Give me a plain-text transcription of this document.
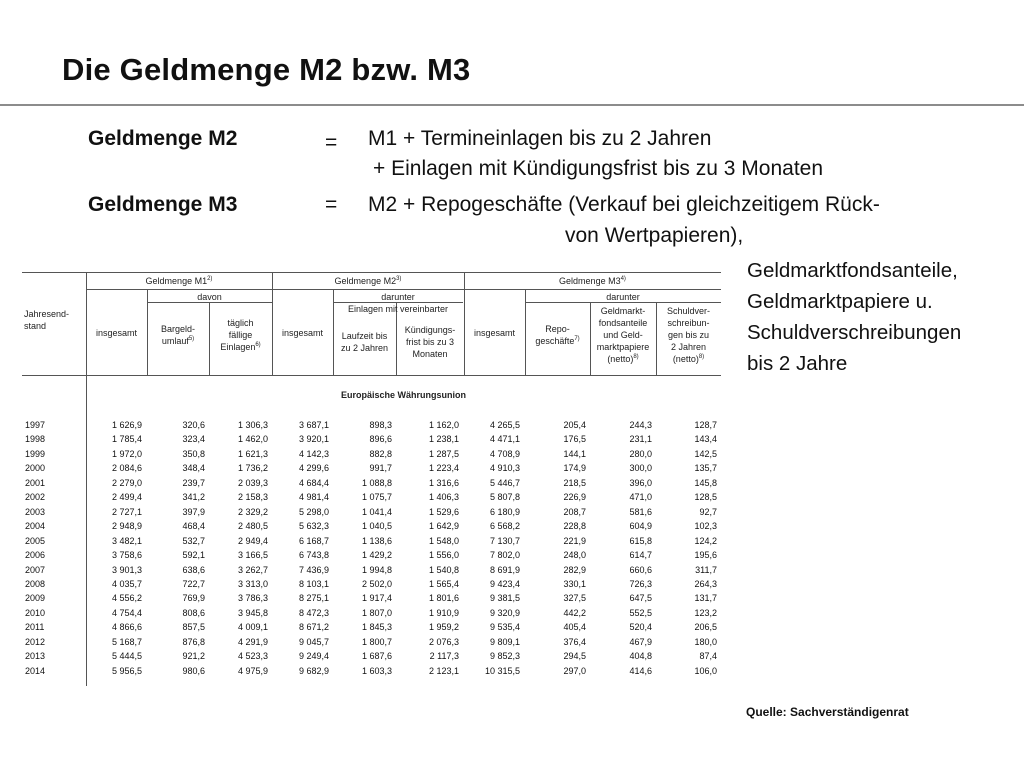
Die Geldmenge M2 bzw. M3
Geldmenge M2	= M1 + Termineinlagen bis zu 2 Jahren
+ Einlagen mit Kündigungsfrist bis zu 3 Monaten
Geldmenge M3	= M2 + Repogeschäfte (Verkauf bei gleichzeitigem Rück-
von Wertpapieren),
Geldmarktfondsanteile,
Geldmarktpapiere u.
Schuldverschreibungen
bis 2 Jahre
Jahresend-
stand
Geldmenge M1$^{2)}$	Geldmenge M2$^{3)}$	Geldmenge M3$^{4)}$
davon	darunter
Einlagen mit vereinbarter
darunter
insgesamt	Bargeld-
umlauf$^{5)}$
täglich
fällige
Einlagen$^{6)}$
insgesamt	Laufzeit bis
zu 2 Jahren
Kündigungs-
frist bis zu 3
Monaten
insgesamt	Repo-
geschäfte$^{7)}$
Geldmarkt-
fondsanteile
und Geld-
marktpapiere
(netto)$^{8)}$
Schuldver-
schreibun-
gen bis zu
2 Jahren
(netto)$^{8)}$
Europäische Währungsunion
1997	1 626,9	320,6	1 306,3	3 687,1	898,3	1 162,0	4 265,5	205,4	244,3	128,7
1998	1 785,4	323,4	1 462,0	3 920,1	896,6	1 238,1	4 471,1	176,5	231,1	143,4
1999	1 972,0	350,8	1 621,3	4 142,3	882,8	1 287,5	4 708,9	144,1	280,0	142,5
2000	2 084,6	348,4	1 736,2	4 299,6	991,7	1 223,4	4 910,3	174,9	300,0	135,7
2001	2 279,0	239,7	2 039,3	4 684,4	1 088,8	1 316,6	5 446,7	218,5	396,0	145,8
2002	2 499,4	341,2	2 158,3	4 981,4	1 075,7	1 406,3	5 807,8	226,9	471,0	128,5
2003	2 727,1	397,9	2 329,2	5 298,0	1 041,4	1 529,6	6 180,9	208,7	581,6	92,7
2004	2 948,9	468,4	2 480,5	5 632,3	1 040,5	1 642,9	6 568,2	228,8	604,9	102,3
2005	3 482,1	532,7	2 949,4	6 168,7	1 138,6	1 548,0	7 130,7	221,9	615,8	124,2
2006	3 758,6	592,1	3 166,5	6 743,8	1 429,2	1 556,0	7 802,0	248,0	614,7	195,6
2007	3 901,3	638,6	3 262,7	7 436,9	1 994,8	1 540,8	8 691,9	282,9	660,6	311,7
2008	4 035,7	722,7	3 313,0	8 103,1	2 502,0	1 565,4	9 423,4	330,1	726,3	264,3
2009	4 556,2	769,9	3 786,3	8 275,1	1 917,4	1 801,6	9 381,5	327,5	647,5	131,7
2010	4 754,4	808,6	3 945,8	8 472,3	1 807,0	1 910,9	9 320,9	442,2	552,5	123,2
2011	4 866,6	857,5	4 009,1	8 671,2	1 845,3	1 959,2	9 535,4	405,4	520,4	206,5
2012	5 168,7	876,8	4 291,9	9 045,7	1 800,7	2 076,3	9 809,1	376,4	467,9	180,0
2013	5 444,5	921,2	4 523,3	9 249,4	1 687,6	2 117,3	9 852,3	294,5	404,8	87,4
2014	5 956,5	980,6	4 975,9	9 682,9	1 603,3	2 123,1	10 315,5	297,0	414,6	106,0
Quelle: Sachverständigenrat
